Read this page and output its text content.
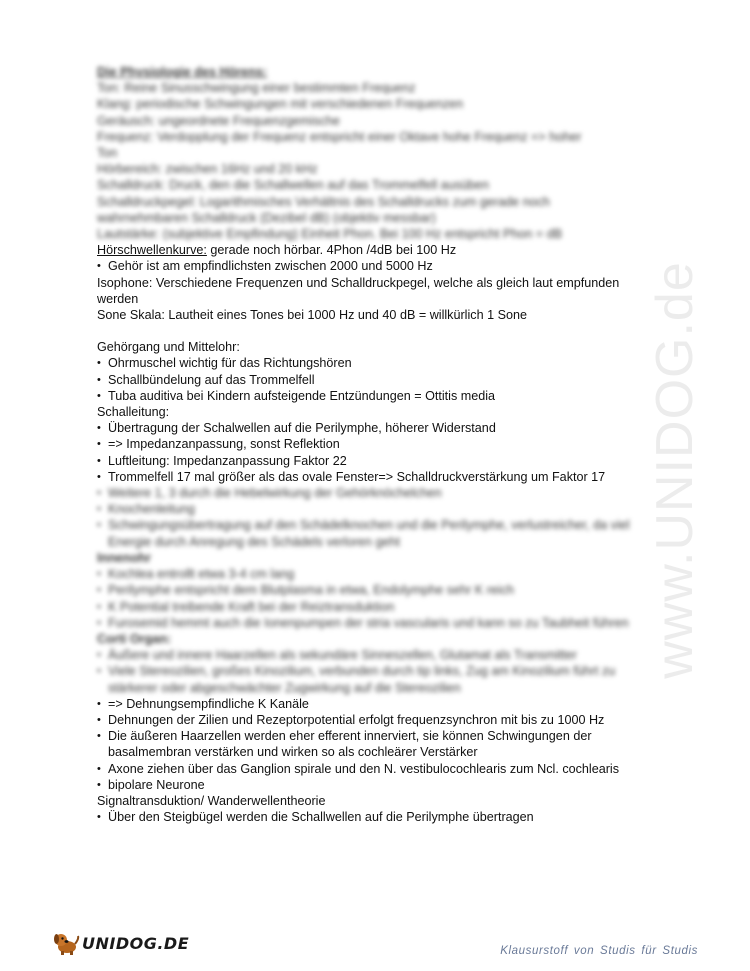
www.UNIDOG.de
Die Physiologie des Hörens:
Ton: Reine Sinusschwingung einer bestimmten Frequenz
Klang: periodische Schwingungen mit verschiedenen Frequenzen
Geräusch: ungeordnete Frequenzgemische
Frequenz: Verdopplung der Frequenz entspricht einer Oktave hohe Frequenz => hoher
Ton
Hörbereich: zwischen 16Hz und 20 kHz
Schalldruck: Druck, den die Schallwellen auf das Trommelfell ausüben
Schalldruckpegel: Logarithmisches Verhältnis des Schalldrucks zum gerade noch
wahrnehmbaren Schalldruck (Dezibel dB) (objektiv messbar)
Lautstärke: (subjektive Empfindung) Einheit Phon. Bei 100 Hz entspricht Phon = dB
Hörschwellenkurve: gerade noch hörbar. 4Phon /4dB bei 100 Hz
• Gehör ist am empfindlichsten zwischen 2000 und 5000 Hz
Isophone: Verschiedene Frequenzen und Schalldruckpegel, welche als gleich laut empfunden werden
Sone Skala: Lautheit eines Tones bei 1000 Hz und 40 dB = willkürlich 1 Sone
Gehörgang und Mittelohr:
• Ohrmuschel wichtig für das Richtungshören
• Schallbündelung auf das Trommelfell
• Tuba auditiva bei Kindern aufsteigende Entzündungen = Ottitis media
Schalleitung:
• Übertragung der Schalwellen auf die Perilymphe, höherer Widerstand
• => Impedanzanpassung, sonst Reflektion
• Luftleitung: Impedanzanpassung Faktor 22
• Trommelfell 17 mal größer als das ovale Fenster=> Schalldruckverstärkung um Faktor 17
• Weitere 1, 3 durch die Hebelwirkung der Gehörknöchelchen
• Knochenleitung
• Schwingungsübertragung auf den Schädelknochen und die Perilymphe, verlustreicher, da viel Energie durch Anregung des Schädels verloren geht
Innenohr
• Kochlea entrollt etwa 3-4 cm lang
• Perilymphe entspricht dem Blutplasma in etwa, Endolymphe sehr K reich
• K Potential treibende Kraft bei der Reiztransduktion
• Furosemid hemmt auch die Ionenpumpen der stria vascularis und kann so zu Taubheit führen
Corti Organ:
• Äußere und innere Haarzellen als sekundäre Sinneszellen, Glutamat als Transmitter
• Viele Stereozilien, großes Kinozilium, verbunden durch tip links, Zug am Kinozilium führt zu stärkerer oder abgeschwächter Zugwirkung auf die Stereozilien
• => Dehnungsempfindliche K Kanäle
• Dehnungen der Zilien und Rezeptorpotential erfolgt frequenzsynchron mit bis zu 1000 Hz
• Die äußeren Haarzellen werden eher efferent innerviert, sie können Schwingungen der basalmembran verstärken und wirken so als cochleärer Verstärker
• Axone ziehen über das Ganglion spirale und den N. vestibulocochlearis zum Ncl. cochlearis
• bipolare Neurone
Signaltransduktion/ Wanderwellentheorie
• Über den Steigbügel werden die Schallwellen auf die Perilymphe übertragen
UNIDOG.DE	Klausurstoff von Studis für Studis
